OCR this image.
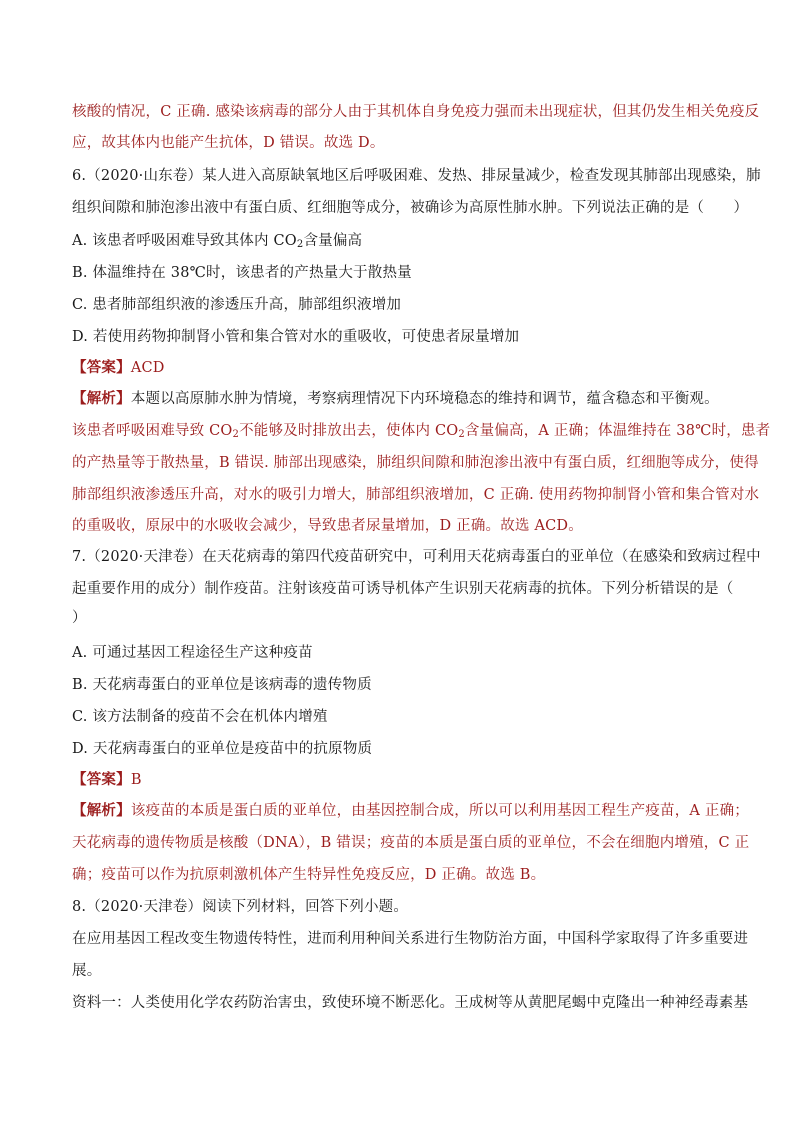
核酸的情况，C 正确. 感染该病毒的部分人由于其机体自身免疫力强而未出现症状，但其仍发生相关免疫反
应，故其体内也能产生抗体，D 错误。故选 D。
6.（2020·山东卷）某人进入高原缺氧地区后呼吸困难、发热、排尿量减少，检查发现其肺部出现感染，肺
组织间隙和肺泡渗出液中有蛋白质、红细胞等成分，被确诊为高原性肺水肿。下列说法正确的是（　　）
A. 该患者呼吸困难导致其体内 $CO_2$含量偏高
B. 体温维持在 38℃时，该患者的产热量大于散热量
C. 患者肺部组织液的渗透压升高，肺部组织液增加
D. 若使用药物抑制肾小管和集合管对水的重吸收，可使患者尿量增加
【答案】ACD
【解析】本题以高原肺水肿为情境，考察病理情况下内环境稳态的维持和调节，蕴含稳态和平衡观。
该患者呼吸困难导致 $CO_2$不能够及时排放出去，使体内 $CO_2$含量偏高，A 正确；体温维持在 38℃时，患者
的产热量等于散热量，B 错误. 肺部出现感染，肺组织间隙和肺泡渗出液中有蛋白质，红细胞等成分，使得
肺部组织液渗透压升高，对水的吸引力增大，肺部组织液增加，C 正确. 使用药物抑制肾小管和集合管对水
的重吸收，原尿中的水吸收会减少，导致患者尿量增加，D 正确。故选 ACD。
7.（2020·天津卷）在天花病毒的第四代疫苗研究中，可利用天花病毒蛋白的亚单位（在感染和致病过程中
起重要作用的成分）制作疫苗。注射该疫苗可诱导机体产生识别天花病毒的抗体。下列分析错误的是（
）
A. 可通过基因工程途径生产这种疫苗
B. 天花病毒蛋白的亚单位是该病毒的遗传物质
C. 该方法制备的疫苗不会在机体内增殖
D. 天花病毒蛋白的亚单位是疫苗中的抗原物质
【答案】B
【解析】该疫苗的本质是蛋白质的亚单位，由基因控制合成，所以可以利用基因工程生产疫苗，A 正确；
天花病毒的遗传物质是核酸（DNA），B 错误；疫苗的本质是蛋白质的亚单位，不会在细胞内增殖，C 正
确；疫苗可以作为抗原刺激机体产生特异性免疫反应，D 正确。故选 B。
8.（2020·天津卷）阅读下列材料，回答下列小题。
在应用基因工程改变生物遗传特性，进而利用种间关系进行生物防治方面，中国科学家取得了许多重要进
展。
资料一：人类使用化学农药防治害虫，致使环境不断恶化。王成树等从黄肥尾蝎中克隆出一种神经毒素基
